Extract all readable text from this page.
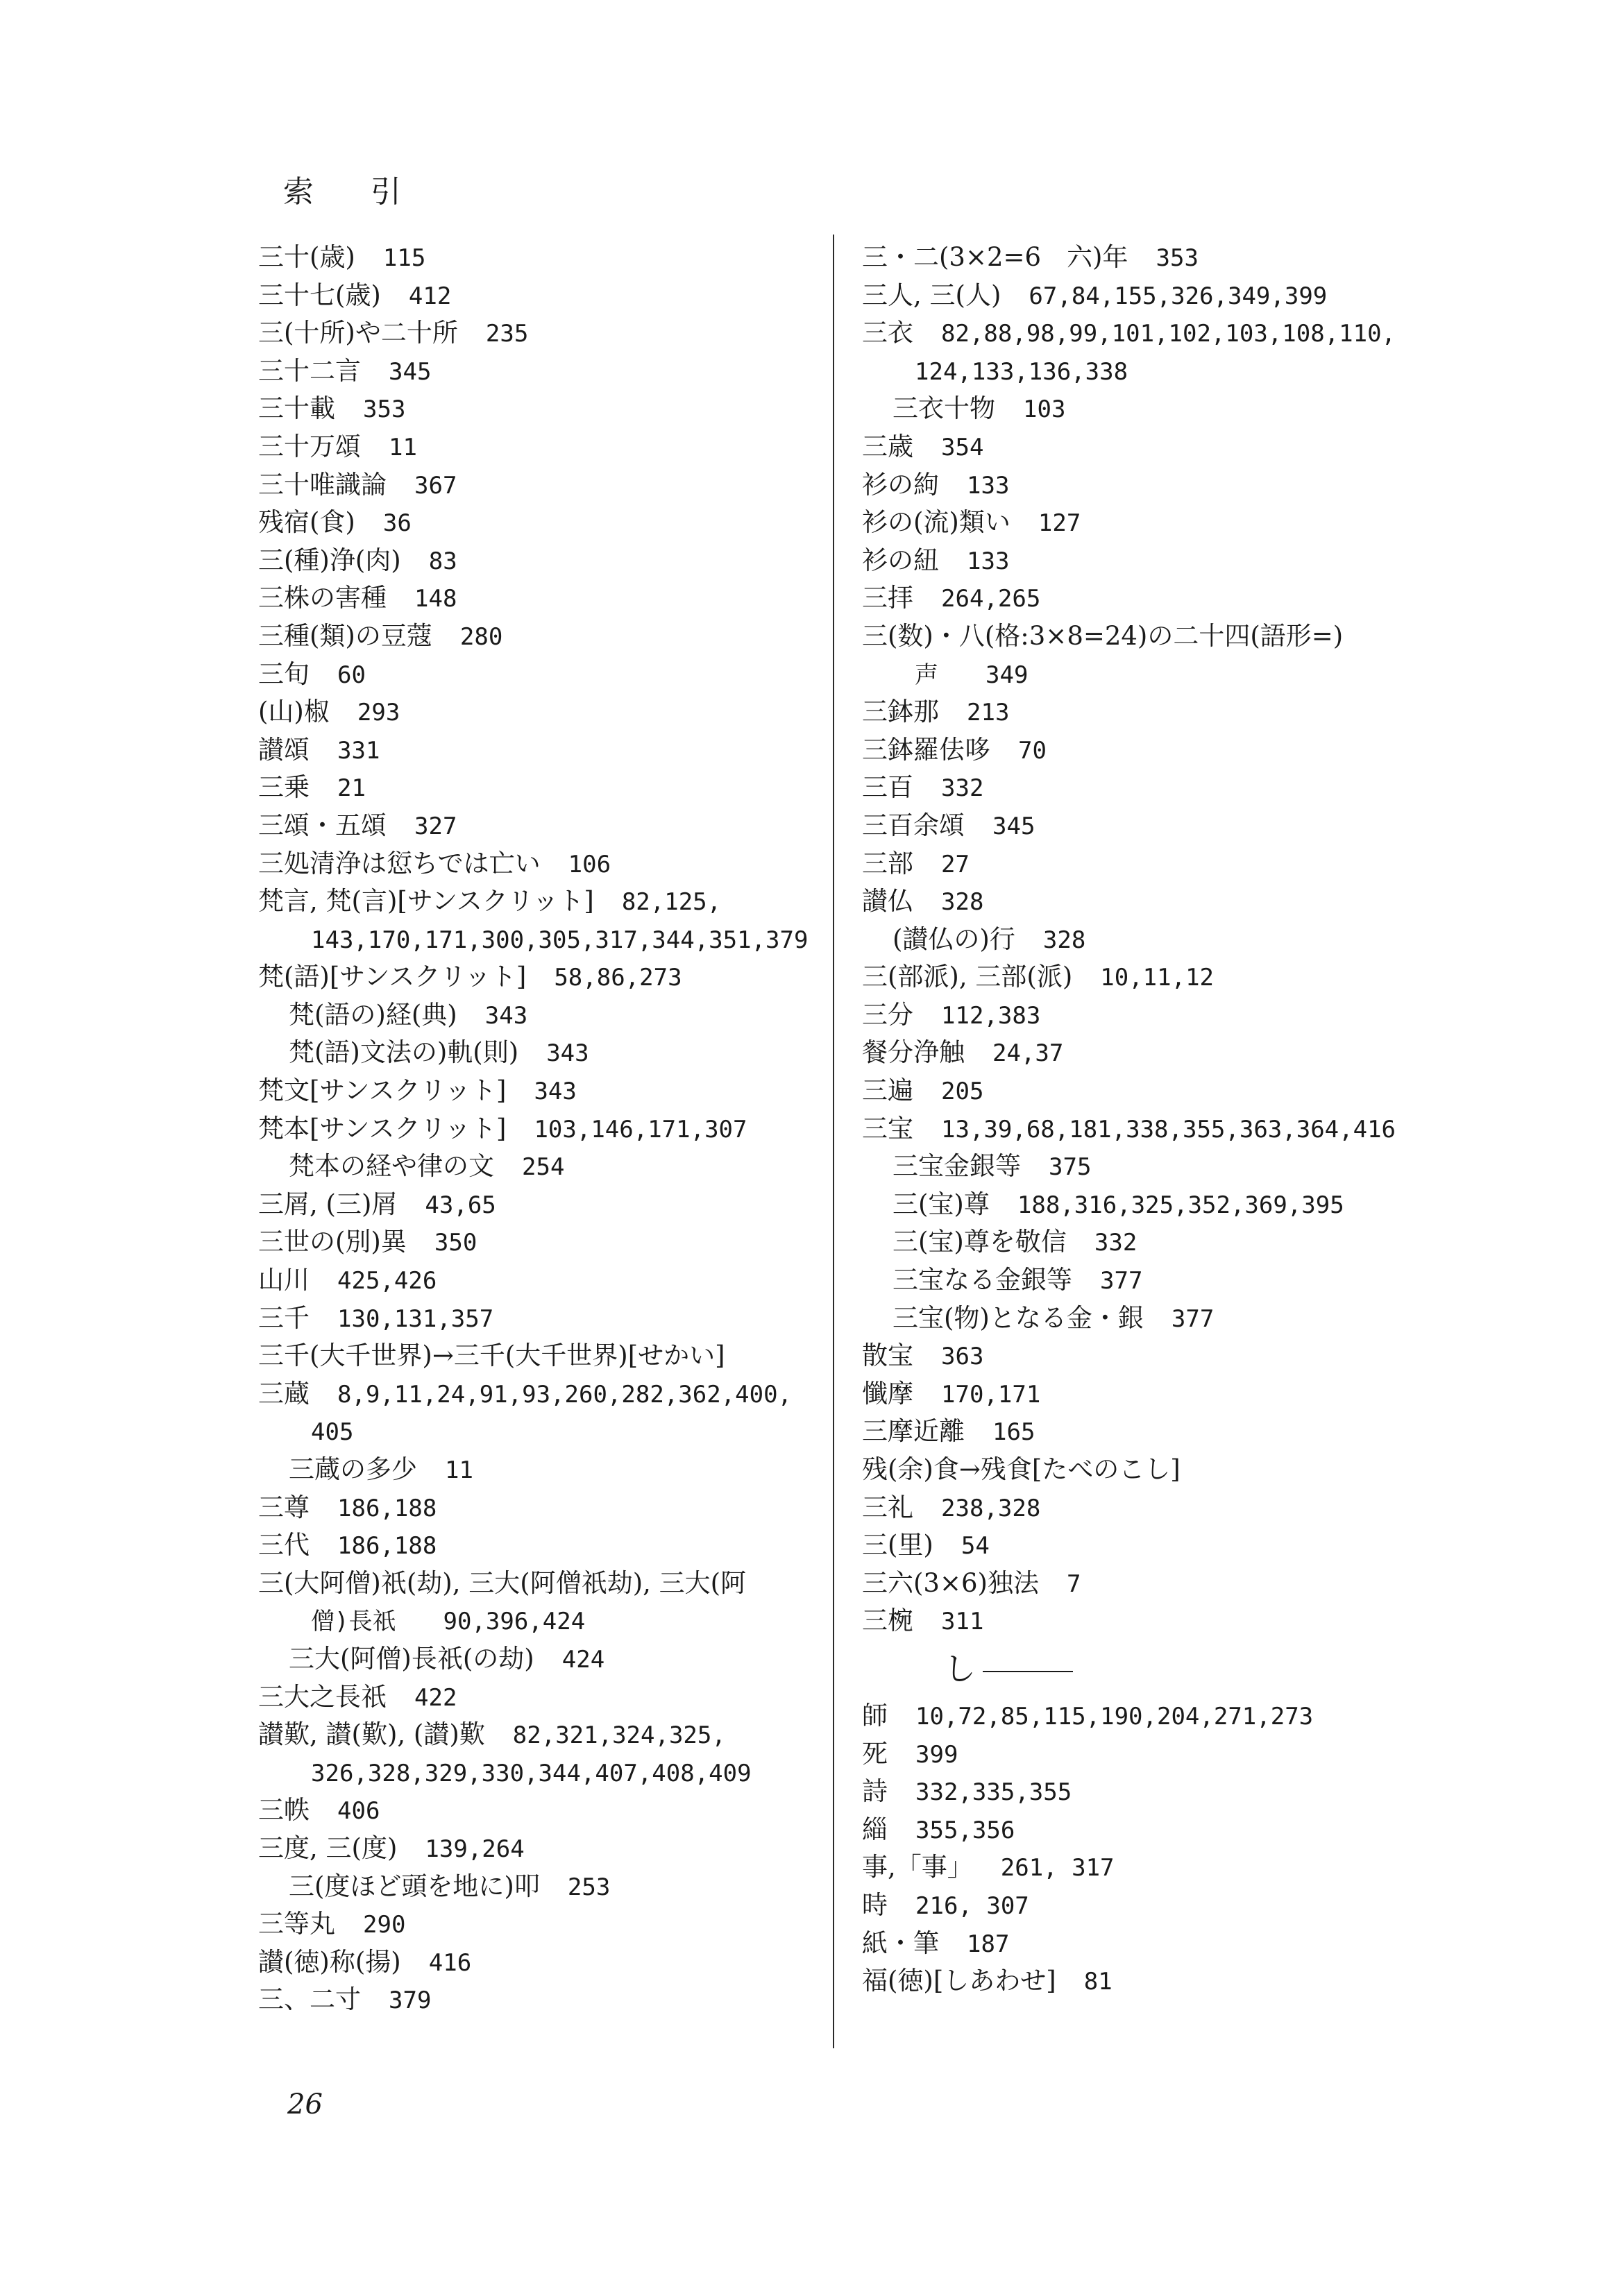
索 引
三十(歳) 115
三十七(歳) 412
三(十所)や二十所 235
三十二言 345
三十載 353
三十万頌 11
三十唯識論 367
残宿(食) 36
三(種)浄(肉) 83
三株の害種 148
三種(類)の豆蔻 280
三旬 60
(山)椒 293
讃頌 331
三乗 21
三頌・五頌 327
三処清浄は愆ちでは亡い 106
梵言, 梵(言)[サンスクリット] 82,125,
143,170,171,300,305,317,344,351,379
梵(語)[サンスクリット] 58,86,273
梵(語の)経(典) 343
梵(語)文法の)軌(則) 343
梵文[サンスクリット] 343
梵本[サンスクリット] 103,146,171,307
梵本の経や律の文 254
三屑, (三)屑 43,65
三世の(別)異 350
山川 425,426
三千 130,131,357
三千(大千世界)→三千(大千世界)[せかい]
三蔵 8,9,11,24,91,93,260,282,362,400,
405
三蔵の多少 11
三尊 186,188
三代 186,188
三(大阿僧)祇(劫), 三大(阿僧祇劫), 三大(阿
僧)長祇　　90,396,424
三大(阿僧)長祇(の劫) 424
三大之長祇 422
讃歎, 讃(歎), (讃)歎 82,321,324,325,
326,328,329,330,344,407,408,409
三帙 406
三度, 三(度) 139,264
三(度ほど頭を地に)叩 253
三等丸 290
讃(徳)称(揚) 416
三、二寸 379
三・二(3×2=6　六)年 353
三人, 三(人) 67,84,155,326,349,399
三衣 82,88,98,99,101,102,103,108,110,
124,133,136,338
三衣十物 103
三歳 354
衫の絇 133
衫の(流)類い 127
衫の紐 133
三拝 264,265
三(数)・八(格:3×8=24)の二十四(語形=)
声　　349
三鉢那 213
三鉢羅佉哆 70
三百 332
三百余頌 345
三部 27
讃仏 328
(讃仏の)行 328
三(部派), 三部(派) 10,11,12
三分 112,383
餐分浄触 24,37
三遍 205
三宝 13,39,68,181,338,355,363,364,416
三宝金銀等 375
三(宝)尊 188,316,325,352,369,395
三(宝)尊を敬信 332
三宝なる金銀等 377
三宝(物)となる金・銀 377
散宝 363
懺摩 170,171
三摩近離 165
残(余)食→残食[たべのこし]
三礼 238,328
三(里) 54
三六(3×6)独法 7
三椀 311
し
師 10,72,85,115,190,204,271,273
死 399
詩 332,335,355
緇 355,356
事,「事」 261, 317
時 216, 307
紙・筆 187
福(徳)[しあわせ] 81
26
